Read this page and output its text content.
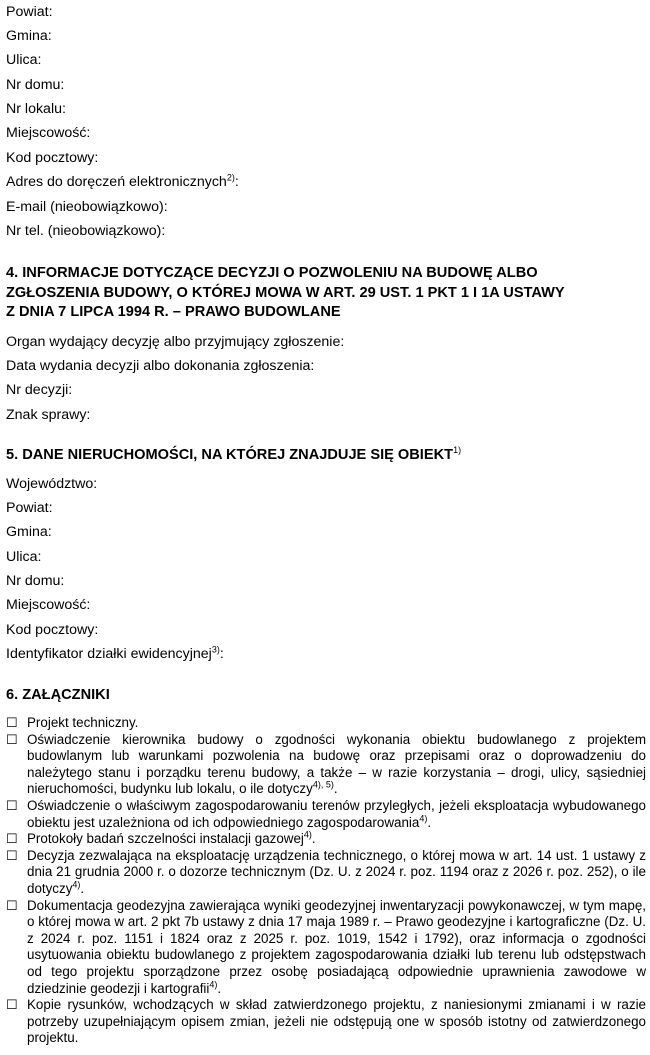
Powiat:
Gmina:
Ulica:
Nr domu:
Nr lokalu:
Miejscowość:
Kod pocztowy:
Adres do doręczeń elektronicznych$^{2)}$:
E-mail (nieobowiązkowo):
Nr tel. (nieobowiązkowo):
4. INFORMACJE DOTYCZĄCE DECYZJI O POZWOLENIU NA BUDOWĘ ALBO
ZGŁOSZENIA BUDOWY, O KTÓREJ MOWA W ART. 29 UST. 1 PKT 1 I 1A USTAWY
Z DNIA 7 LIPCA 1994 R. – PRAWO BUDOWLANE
Organ wydający decyzję albo przyjmujący zgłoszenie:
Data wydania decyzji albo dokonania zgłoszenia:
Nr decyzji:
Znak sprawy:
5. DANE NIERUCHOMOŚCI, NA KTÓREJ ZNAJDUJE SIĘ OBIEKT$^{1)}$
Województwo:
Powiat:
Gmina:
Ulica:
Nr domu:
Miejscowość:
Kod pocztowy:
Identyfikator działki ewidencyjnej$^{3)}$:
6. ZAŁĄCZNIKI
☐ Projekt techniczny.
☐ Oświadczenie kierownika budowy o zgodności wykonania obiektu budowlanego z projektem budowlanym lub warunkami pozwolenia na budowę oraz przepisami oraz o doprowadzeniu do należytego stanu i porządku terenu budowy, a także – w razie korzystania – drogi, ulicy, sąsiedniej nieruchomości, budynku lub lokalu, o ile dotyczy$^{4), 5)}$.
☐ Oświadczenie o właściwym zagospodarowaniu terenów przyległych, jeżeli eksploatacja wybudowanego obiektu jest uzależniona od ich odpowiedniego zagospodarowania$^{4)}$.
☐ Protokoły badań szczelności instalacji gazowej$^{4)}$.
☐ Decyzja zezwalająca na eksploatację urządzenia technicznego, o której mowa w art. 14 ust. 1 ustawy z dnia 21 grudnia 2000 r. o dozorze technicznym (Dz. U. z 2024 r. poz. 1194 oraz z 2026 r. poz. 252), o ile dotyczy$^{4)}$.
☐ Dokumentacja geodezyjna zawierająca wyniki geodezyjnej inwentaryzacji powykonawczej, w tym mapę, o której mowa w art. 2 pkt 7b ustawy z dnia 17 maja 1989 r. – Prawo geodezyjne i kartograficzne (Dz. U. z 2024 r. poz. 1151 i 1824 oraz z 2025 r. poz. 1019, 1542 i 1792), oraz informacja o zgodności usytuowania obiektu budowlanego z projektem zagospodarowania działki lub terenu lub odstępstwach od tego projektu sporządzone przez osobę posiadającą odpowiednie uprawnienia zawodowe w dziedzinie geodezji i kartografii$^{4)}$.
☐ Kopie rysunków, wchodzących w skład zatwierdzonego projektu, z naniesionymi zmianami i w razie potrzeby uzupełniającym opisem zmian, jeżeli nie odstępują one w sposób istotny od zatwierdzonego projektu.
